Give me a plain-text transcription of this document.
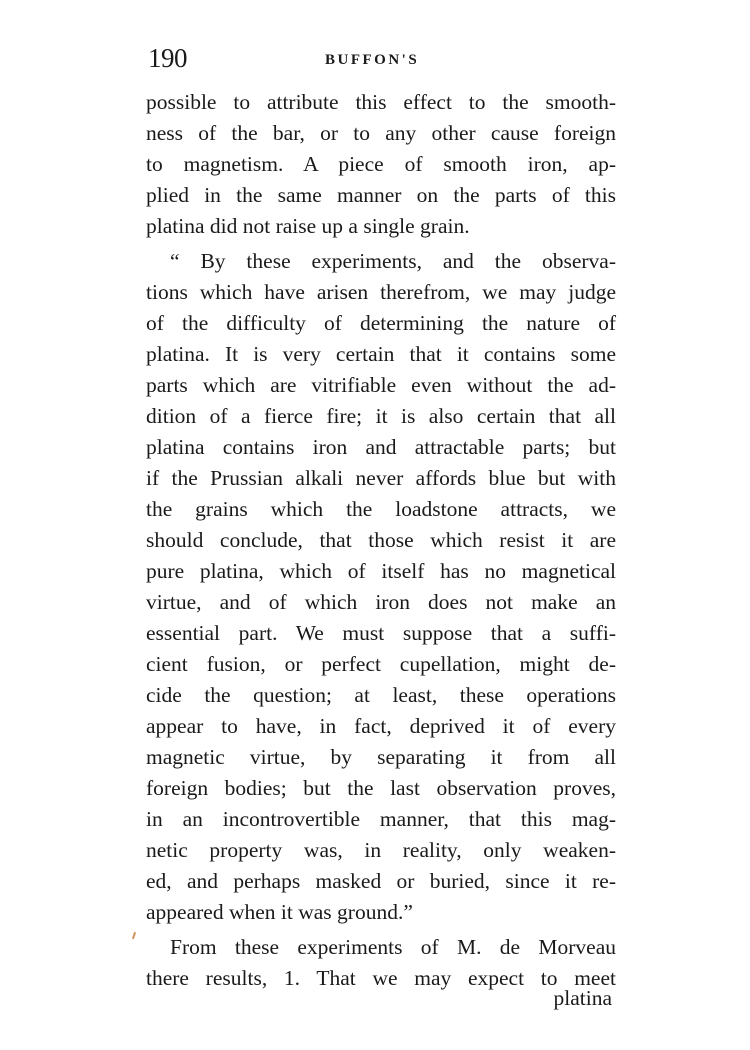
190	BUFFON'S
possible to attribute this effect to the smooth-
ness of the bar, or to any other cause foreign
to magnetism. A piece of smooth iron, ap-
plied in the same manner on the parts of this
platina did not raise up a single grain.
“ By these experiments, and the observa-
tions which have arisen therefrom, we may judge
of the difficulty of determining the nature of
platina. It is very certain that it contains some
parts which are vitrifiable even without the ad-
dition of a fierce fire; it is also certain that all
platina contains iron and attractable parts; but
if the Prussian alkali never affords blue but with
the grains which the loadstone attracts, we
should conclude, that those which resist it are
pure platina, which of itself has no magnetical
virtue, and of which iron does not make an
essential part. We must suppose that a suffi-
cient fusion, or perfect cupellation, might de-
cide the question; at least, these operations
appear to have, in fact, deprived it of every
magnetic virtue, by separating it from all
foreign bodies; but the last observation proves,
in an incontrovertible manner, that this mag-
netic property was, in reality, only weaken-
ed, and perhaps masked or buried, since it re-
appeared when it was ground.”
From these experiments of M. de Morveau
there results, 1. That we may expect to meet
platina
